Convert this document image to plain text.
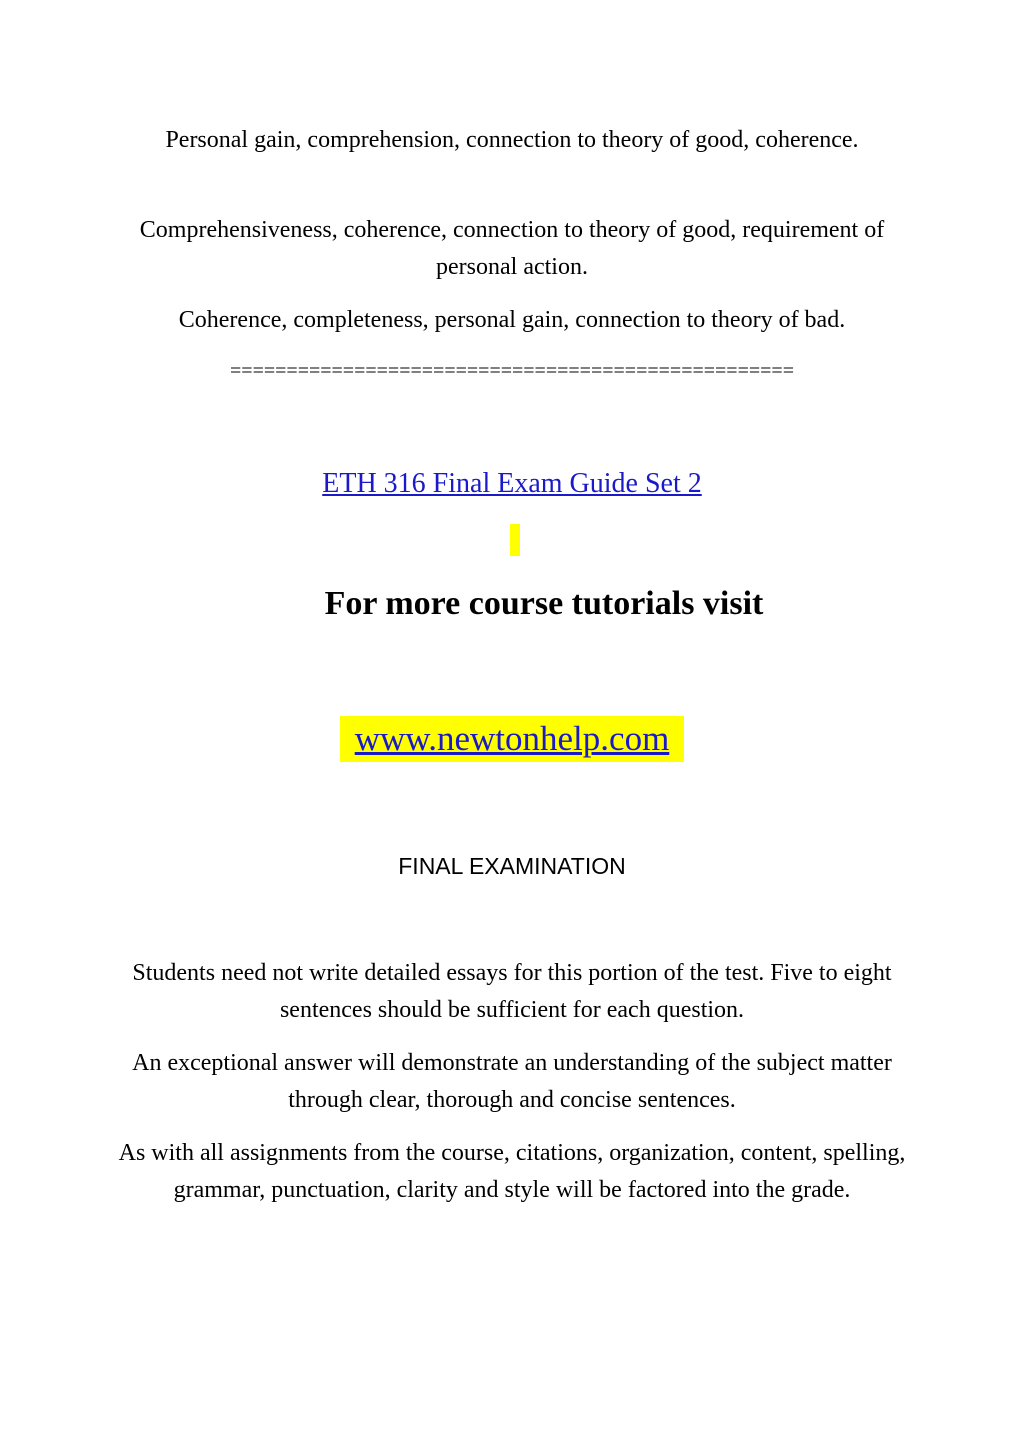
Personal gain, comprehension, connection to theory of good, coherence.

Comprehensiveness, coherence, connection to theory of good, requirement of personal action.

Coherence, completeness, personal gain, connection to theory of bad.

==================================================
ETH 316 Final Exam Guide Set 2
For more course tutorials visit
www.newtonhelp.com
FINAL EXAMINATION

Students need not write detailed essays for this portion of the test. Five to eight sentences should be sufficient for each question.

An exceptional answer will demonstrate an understanding of the subject matter through clear, thorough and concise sentences.

As with all assignments from the course, citations, organization, content, spelling, grammar, punctuation, clarity and style will be factored into the grade.
